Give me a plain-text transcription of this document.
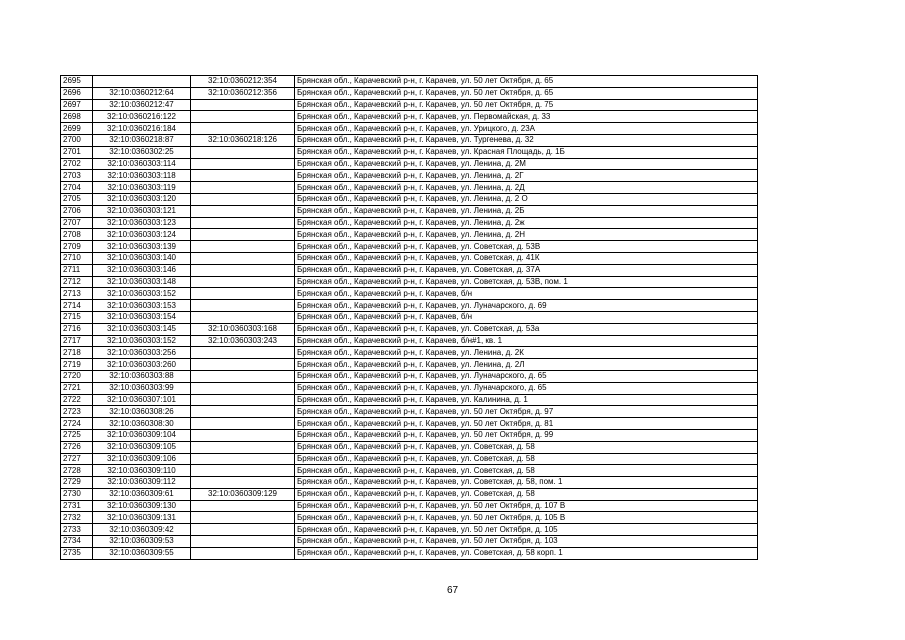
2695		32:10:0360212:354	Брянская обл., Карачевский р-н, г. Карачев, ул. 50 лет Октября, д. 65
2696	32:10:0360212:64	32:10:0360212:356	Брянская обл., Карачевский р-н, г. Карачев, ул. 50 лет Октября, д. 65
2697	32:10:0360212:47		Брянская обл., Карачевский р-н, г. Карачев, ул. 50 лет Октября, д. 75
2698	32:10:0360216:122		Брянская обл., Карачевский р-н, г. Карачев, ул. Первомайская, д. 33
2699	32:10:0360216:184		Брянская обл., Карачевский р-н, г. Карачев, ул. Урицкого, д. 23А
2700	32:10:0360218:87	32:10:0360218:126	Брянская обл., Карачевский р-н, г. Карачев, ул. Тургенева, д. 32
2701	32:10:0360302:25		Брянская обл., Карачевский р-н, г. Карачев, ул. Красная Площадь, д. 1Б
2702	32:10:0360303:114		Брянская обл., Карачевский р-н, г. Карачев, ул. Ленина, д. 2М
2703	32:10:0360303:118		Брянская обл., Карачевский р-н, г. Карачев, ул. Ленина, д. 2Г
2704	32:10:0360303:119		Брянская обл., Карачевский р-н, г. Карачев, ул. Ленина, д. 2Д
2705	32:10:0360303:120		Брянская обл., Карачевский р-н, г. Карачев, ул. Ленина, д. 2 О
2706	32:10:0360303:121		Брянская обл., Карачевский р-н, г. Карачев, ул. Ленина, д. 2Б
2707	32:10:0360303:123		Брянская обл., Карачевский р-н, г. Карачев, ул. Ленина, д. 2ж
2708	32:10:0360303:124		Брянская обл., Карачевский р-н, г. Карачев, ул. Ленина, д. 2Н
2709	32:10:0360303:139		Брянская обл., Карачевский р-н, г. Карачев, ул. Советская, д. 53В
2710	32:10:0360303:140		Брянская обл., Карачевский р-н, г. Карачев, ул. Советская, д. 41К
2711	32:10:0360303:146		Брянская обл., Карачевский р-н, г. Карачев, ул. Советская, д. 37А
2712	32:10:0360303:148		Брянская обл., Карачевский р-н, г. Карачев, ул. Советская, д. 53В, пом. 1
2713	32:10:0360303:152		Брянская обл., Карачевский р-н, г. Карачев, б/н
2714	32:10:0360303:153		Брянская обл., Карачевский р-н, г. Карачев, ул. Луначарского, д. 69
2715	32:10:0360303:154		Брянская обл., Карачевский р-н, г. Карачев, б/н
2716	32:10:0360303:145	32:10:0360303:168	Брянская обл., Карачевский р-н, г. Карачев, ул. Советская, д. 53а
2717	32:10:0360303:152	32:10:0360303:243	Брянская обл., Карачевский р-н, г. Карачев, б/н#1, кв. 1
2718	32:10:0360303:256		Брянская обл., Карачевский р-н, г. Карачев, ул. Ленина, д. 2К
2719	32:10:0360303:260		Брянская обл., Карачевский р-н, г. Карачев, ул. Ленина, д. 2Л
2720	32:10:0360303:88		Брянская обл., Карачевский р-н, г. Карачев, ул. Луначарского, д. 65
2721	32:10:0360303:99		Брянская обл., Карачевский р-н, г. Карачев, ул. Луначарского, д. 65
2722	32:10:0360307:101		Брянская обл., Карачевский р-н, г. Карачев, ул. Калинина, д. 1
2723	32:10:0360308:26		Брянская обл., Карачевский р-н, г. Карачев, ул. 50 лет Октября, д. 97
2724	32:10:0360308:30		Брянская обл., Карачевский р-н, г. Карачев, ул. 50 лет Октября, д. 81
2725	32:10:0360309:104		Брянская обл., Карачевский р-н, г. Карачев, ул. 50 лет Октября, д. 99
2726	32:10:0360309:105		Брянская обл., Карачевский р-н, г. Карачев, ул. Советская, д. 58
2727	32:10:0360309:106		Брянская обл., Карачевский р-н, г. Карачев, ул. Советская, д. 58
2728	32:10:0360309:110		Брянская обл., Карачевский р-н, г. Карачев, ул. Советская, д. 58
2729	32:10:0360309:112		Брянская обл., Карачевский р-н, г. Карачев, ул. Советская, д. 58, пом. 1
2730	32:10:0360309:61	32:10:0360309:129	Брянская обл., Карачевский р-н, г. Карачев, ул. Советская, д. 58
2731	32:10:0360309:130		Брянская обл., Карачевский р-н, г. Карачев, ул. 50 лет Октября, д. 107 В
2732	32:10:0360309:131		Брянская обл., Карачевский р-н, г. Карачев, ул. 50 лет Октября, д. 105 В
2733	32:10:0360309:42		Брянская обл., Карачевский р-н, г. Карачев, ул. 50 лет Октября, д. 105
2734	32:10:0360309:53		Брянская обл., Карачевский р-н, г. Карачев, ул. 50 лет Октября, д. 103
2735	32:10:0360309:55		Брянская обл., Карачевский р-н, г. Карачев, ул. Советская, д. 58 корп. 1
67
